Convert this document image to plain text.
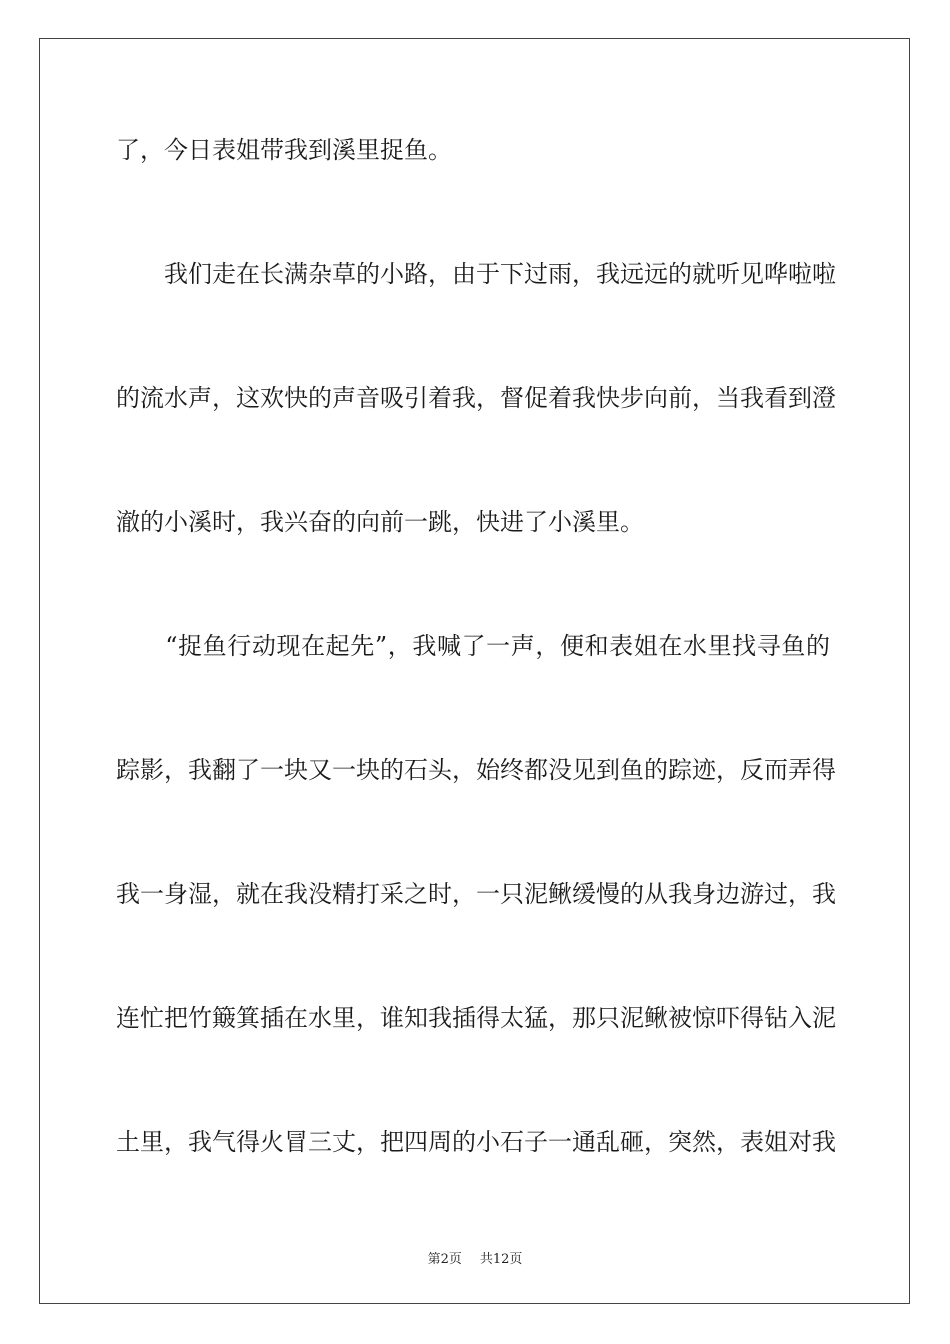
了，今日表姐带我到溪里捉鱼。

　　我们走在长满杂草的小路，由于下过雨，我远远的就听见哗啦啦

的流水声，这欢快的声音吸引着我，督促着我快步向前，当我看到澄

澈的小溪时，我兴奋的向前一跳，快进了小溪里。

　　“捉鱼行动现在起先”，我喊了一声，便和表姐在水里找寻鱼的

踪影，我翻了一块又一块的石头，始终都没见到鱼的踪迹，反而弄得

我一身湿，就在我没精打采之时，一只泥鳅缓慢的从我身边游过，我

连忙把竹簸箕插在水里，谁知我插得太猛，那只泥鳅被惊吓得钻入泥

土里，我气得火冒三丈，把四周的小石子一通乱砸，突然，表姐对我

第2页 共12页
